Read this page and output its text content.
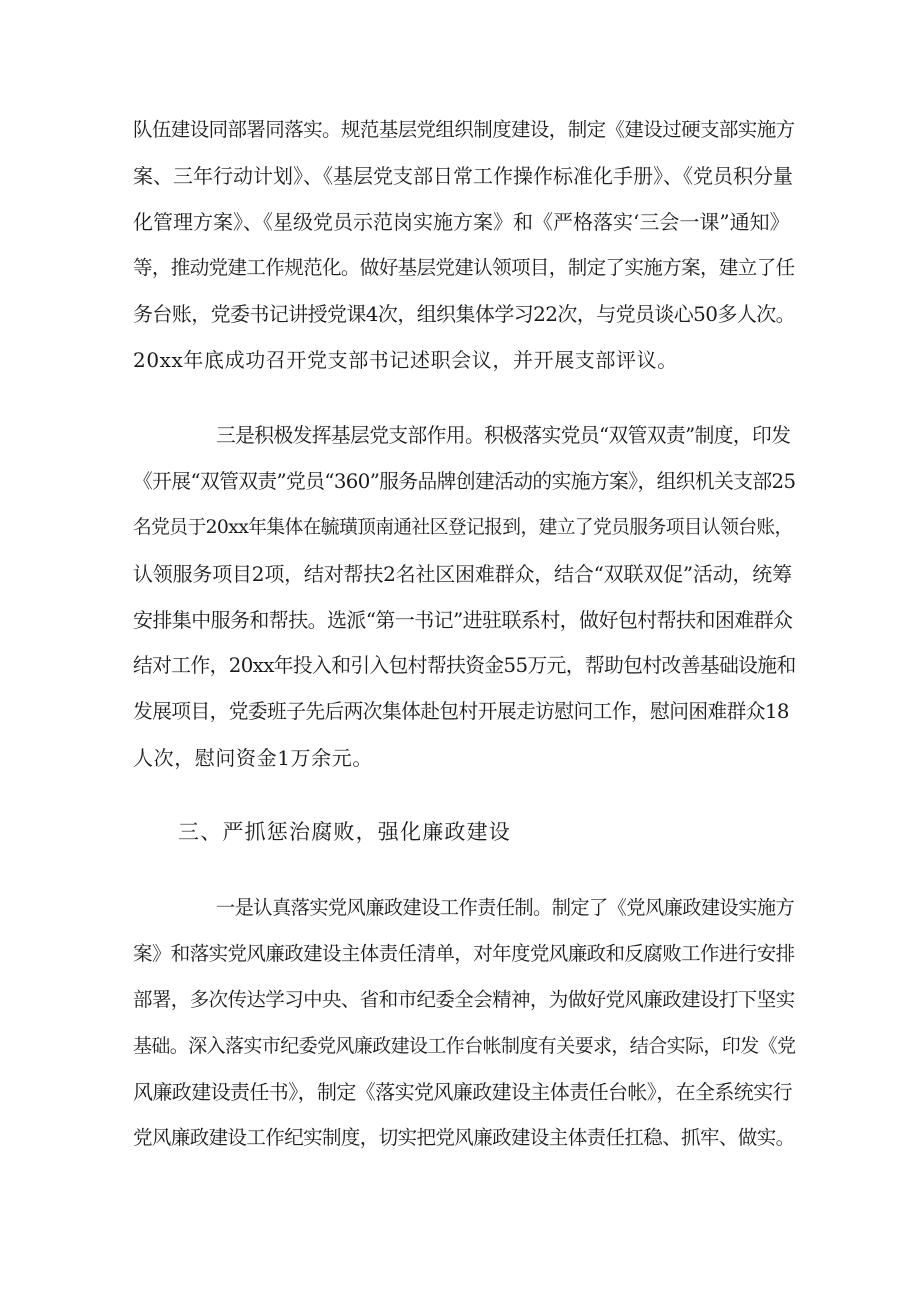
队伍建设同部署同落实。规范基层党组织制度建设，制定《建设过硬支部实施方
案、三年行动计划》、《基层党支部日常工作操作标准化手册》、《党员积分量
化管理方案》、《星级党员示范岗实施方案》和《严格落实‘三会一课”通知》
等，推动党建工作规范化。做好基层党建认领项目，制定了实施方案，建立了任
务台账，党委书记讲授党课4次，组织集体学习22次，与党员谈心50多人次。
20xx年底成功召开党支部书记述职会议，并开展支部评议。
三是积极发挥基层党支部作用。积极落实党员“双管双责”制度，印发
《开展“双管双责”党员“360”服务品牌创建活动的实施方案》，组织机关支部25
名党员于20xx年集体在毓璜顶南通社区登记报到，建立了党员服务项目认领台账，
认领服务项目2项，结对帮扶2名社区困难群众，结合“双联双促”活动，统筹
安排集中服务和帮扶。选派“第一书记”进驻联系村，做好包村帮扶和困难群众
结对工作，20xx年投入和引入包村帮扶资金55万元，帮助包村改善基础设施和
发展项目，党委班子先后两次集体赴包村开展走访慰问工作，慰问困难群众18
人次，慰问资金1万余元。
三、严抓惩治腐败，强化廉政建设
一是认真落实党风廉政建设工作责任制。制定了《党风廉政建设实施方
案》和落实党风廉政建设主体责任清单，对年度党风廉政和反腐败工作进行安排
部署，多次传达学习中央、省和市纪委全会精神，为做好党风廉政建设打下坚实
基础。深入落实市纪委党风廉政建设工作台帐制度有关要求，结合实际，印发《党
风廉政建设责任书》，制定《落实党风廉政建设主体责任台帐》，在全系统实行
党风廉政建设工作纪实制度，切实把党风廉政建设主体责任扛稳、抓牢、做实。
